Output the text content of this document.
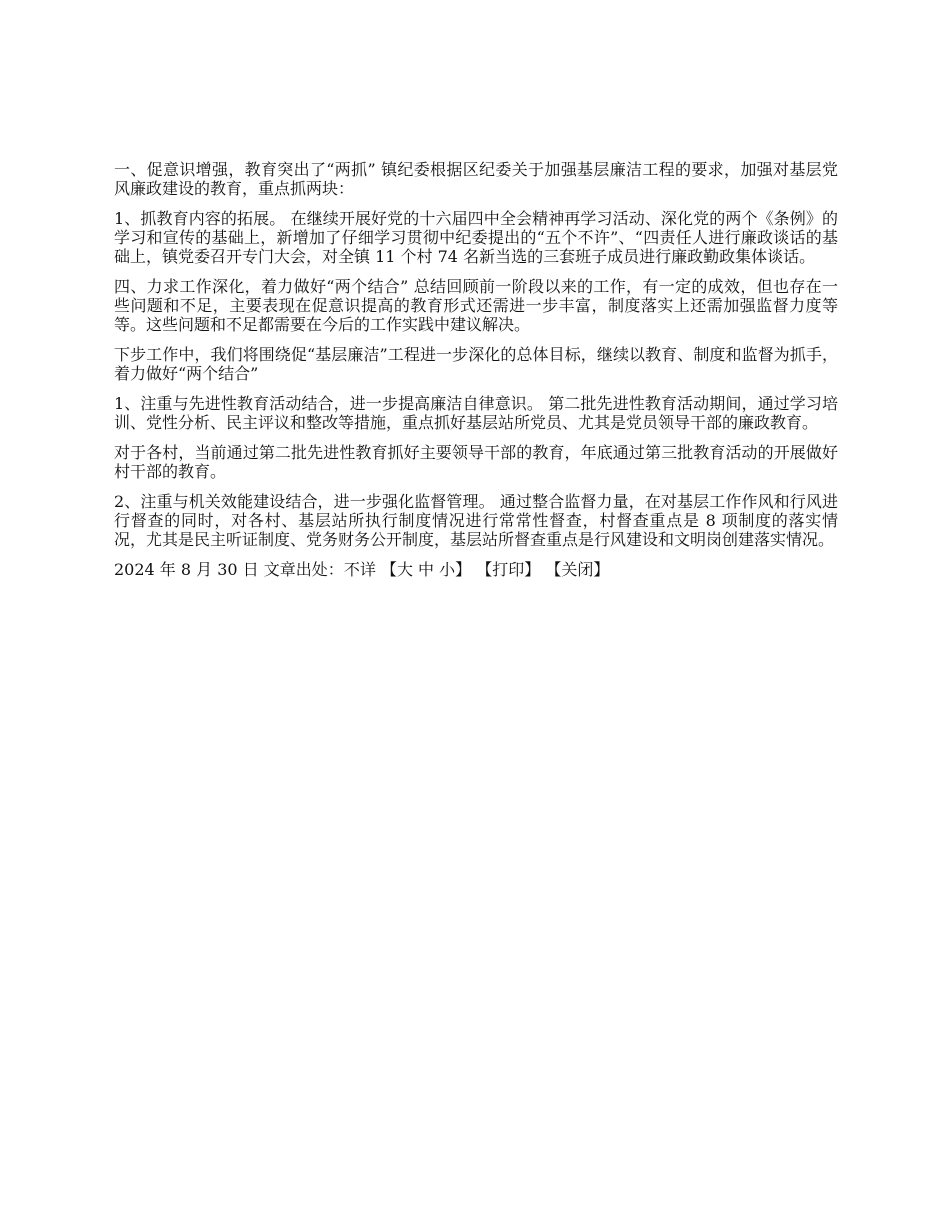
一、促意识增强，教育突出了“两抓” 镇纪委根据区纪委关于加强基层廉洁工程的要求，加强对基层党风廉政建设的教育，重点抓两块：

1、抓教育内容的拓展。 在继续开展好党的十六届四中全会精神再学习活动、深化党的两个《条例》的学习和宣传的基础上，新增加了仔细学习贯彻中纪委提出的“五个不许”、“四责任人进行廉政谈话的基础上，镇党委召开专门大会，对全镇 11 个村 74 名新当选的三套班子成员进行廉政勤政集体谈话。

四、力求工作深化，着力做好“两个结合” 总结回顾前一阶段以来的工作，有一定的成效，但也存在一些问题和不足，主要表现在促意识提高的教育形式还需进一步丰富，制度落实上还需加强监督力度等等。这些问题和不足都需要在今后的工作实践中建议解决。

下步工作中，我们将围绕促“基层廉洁”工程进一步深化的总体目标，继续以教育、制度和监督为抓手，着力做好“两个结合”

1、注重与先进性教育活动结合，进一步提高廉洁自律意识。 第二批先进性教育活动期间，通过学习培训、党性分析、民主评议和整改等措施，重点抓好基层站所党员、尤其是党员领导干部的廉政教育。

对于各村，当前通过第二批先进性教育抓好主要领导干部的教育，年底通过第三批教育活动的开展做好村干部的教育。

2、注重与机关效能建设结合，进一步强化监督管理。 通过整合监督力量，在对基层工作作风和行风进行督查的同时，对各村、基层站所执行制度情况进行常常性督查，村督查重点是 8 项制度的落实情况，尤其是民主听证制度、党务财务公开制度，基层站所督查重点是行风建设和文明岗创建落实情况。

2024 年 8 月 30 日 文章出处：不详 【大 中 小】 【打印】 【关闭】
